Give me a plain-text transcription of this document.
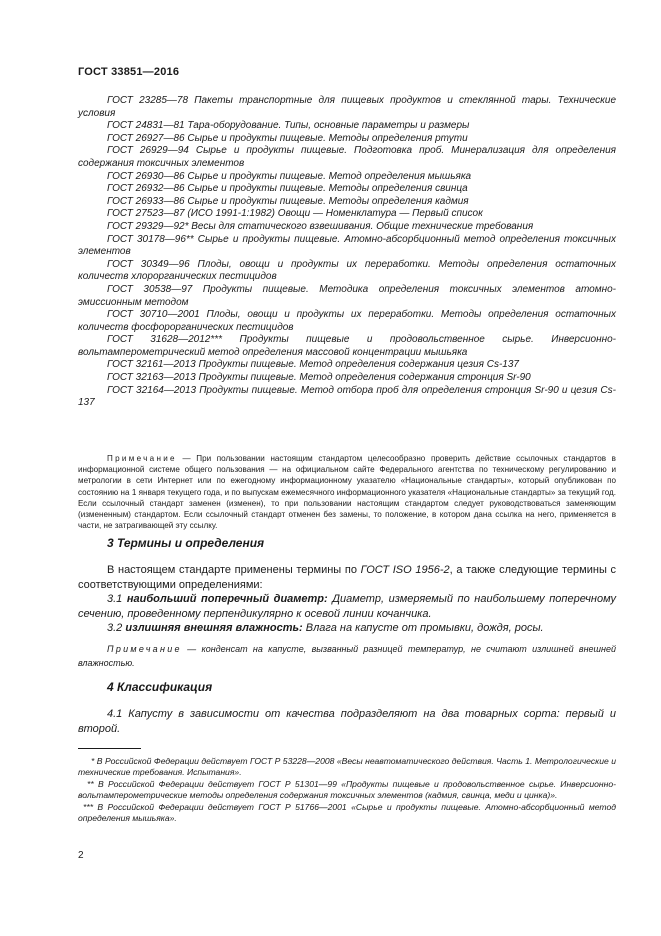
ГОСТ 33851—2016

ГОСТ 23285—78 Пакеты транспортные для пищевых продуктов и стеклянной тары. Технические условия

ГОСТ 24831—81 Тара-оборудование. Типы, основные параметры и размеры

ГОСТ 26927—86 Сырье и продукты пищевые. Методы определения ртути

ГОСТ 26929—94 Сырье и продукты пищевые. Подготовка проб. Минерализация для определения содержания токсичных элементов

ГОСТ 26930—86 Сырье и продукты пищевые. Метод определения мышьяка

ГОСТ 26932—86 Сырье и продукты пищевые. Методы определения свинца

ГОСТ 26933—86 Сырье и продукты пищевые. Методы определения кадмия

ГОСТ 27523—87 (ИСО 1991-1:1982) Овощи — Номенклатура — Первый список

ГОСТ 29329—92* Весы для статического взвешивания. Общие технические требования

ГОСТ 30178—96** Сырье и продукты пищевые. Атомно-абсорбционный метод определения токсичных элементов

ГОСТ 30349—96 Плоды, овощи и продукты их переработки. Методы определения остаточных количеств хлорорганических пестицидов

ГОСТ 30538—97 Продукты пищевые. Методика определения токсичных элементов атомно-эмиссионным методом

ГОСТ 30710—2001 Плоды, овощи и продукты их переработки. Методы определения остаточных количеств фосфорорганических пестицидов

ГОСТ 31628—2012*** Продукты пищевые и продовольственное сырье. Инверсионно-вольтамперометрический метод определения массовой концентрации мышьяка

ГОСТ 32161—2013 Продукты пищевые. Метод определения содержания цезия Cs-137

ГОСТ 32163—2013 Продукты пищевые. Метод определения содержания стронция Sr-90

ГОСТ 32164—2013 Продукты пищевые. Метод отбора проб для определения стронция Sr-90 и цезия Cs-137

Примечание — При пользовании настоящим стандартом целесообразно проверить действие ссылочных стандартов в информационной системе общего пользования — на официальном сайте Федерального агентства по техническому регулированию и метрологии в сети Интернет или по ежегодному информационному указателю «Национальные стандарты», который опубликован по состоянию на 1 января текущего года, и по выпускам ежемесячного информационного указателя «Национальные стандарты» за текущий год. Если ссылочный стандарт заменен (изменен), то при пользовании настоящим стандартом следует руководствоваться заменяющим (измененным) стандартом. Если ссылочный стандарт отменен без замены, то положение, в котором дана ссылка на него, применяется в части, не затрагивающей эту ссылку.

3 Термины и определения

В настоящем стандарте применены термины по ГОСТ ISO 1956-2, а также следующие термины с соответствующими определениями:

3.1 наибольший поперечный диаметр: Диаметр, измеряемый по наибольшему поперечному сечению, проведенному перпендикулярно к осевой линии кочанчика.

3.2 излишняя внешняя влажность: Влага на капусте от промывки, дождя, росы.

Примечание — конденсат на капусте, вызванный разницей температур, не считают излишней внешней влажностью.

4 Классификация

4.1 Капусту в зависимости от качества подразделяют на два товарных сорта: первый и второй.

* В Российской Федерации действует ГОСТ Р 53228—2008 «Весы неавтоматического действия. Часть 1. Метрологические и технические требования. Испытания».

** В Российской Федерации действует ГОСТ Р 51301—99 «Продукты пищевые и продовольственное сырье. Инверсионно-вольтамперометрические методы определения содержания токсичных элементов (кадмия, свинца, меди и цинка)».

*** В Российской Федерации действует ГОСТ Р 51766—2001 «Сырье и продукты пищевые. Атомно-абсорбционный метод определения мышьяка».

2
